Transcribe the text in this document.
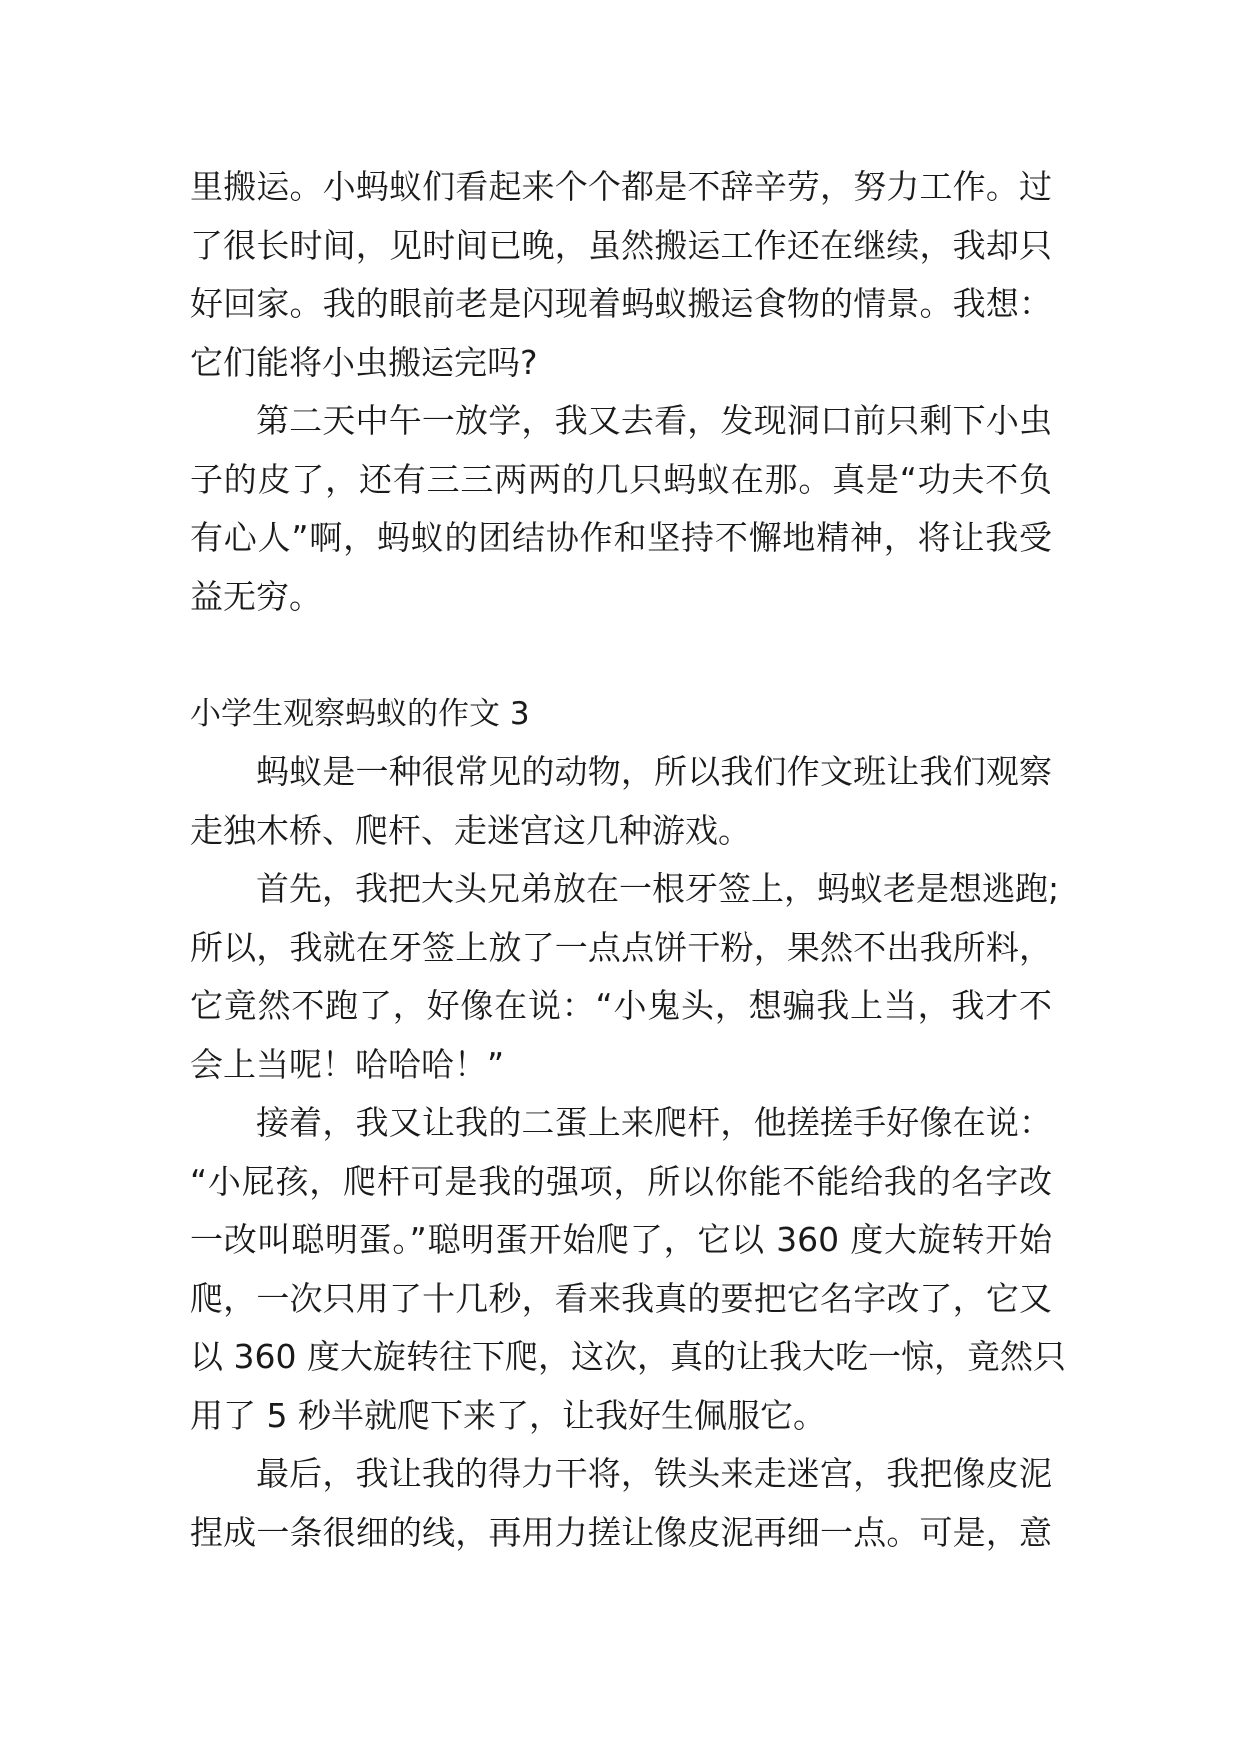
里搬运。小蚂蚁们看起来个个都是不辞辛劳，努力工作。过
了很长时间，见时间已晚，虽然搬运工作还在继续，我却只
好回家。我的眼前老是闪现着蚂蚁搬运食物的情景。我想：
它们能将小虫搬运完吗?
第二天中午一放学，我又去看，发现洞口前只剩下小虫
子的皮了，还有三三两两的几只蚂蚁在那。真是“功夫不负
有心人”啊，蚂蚁的团结协作和坚持不懈地精神，将让我受
益无穷。
小学生观察蚂蚁的作文 3
蚂蚁是一种很常见的动物，所以我们作文班让我们观察
走独木桥、爬杆、走迷宫这几种游戏。
首先，我把大头兄弟放在一根牙签上，蚂蚁老是想逃跑;
所以，我就在牙签上放了一点点饼干粉，果然不出我所料，
它竟然不跑了，好像在说：“小鬼头，想骗我上当，我才不
会上当呢！哈哈哈！”
接着，我又让我的二蛋上来爬杆，他搓搓手好像在说：
“小屁孩，爬杆可是我的强项，所以你能不能给我的名字改
一改叫聪明蛋。”聪明蛋开始爬了，它以 360 度大旋转开始
爬，一次只用了十几秒，看来我真的要把它名字改了，它又
以 360 度大旋转往下爬，这次，真的让我大吃一惊，竟然只
用了 5 秒半就爬下来了，让我好生佩服它。
最后，我让我的得力干将，铁头来走迷宫，我把像皮泥
捏成一条很细的线，再用力搓让像皮泥再细一点。可是，意
